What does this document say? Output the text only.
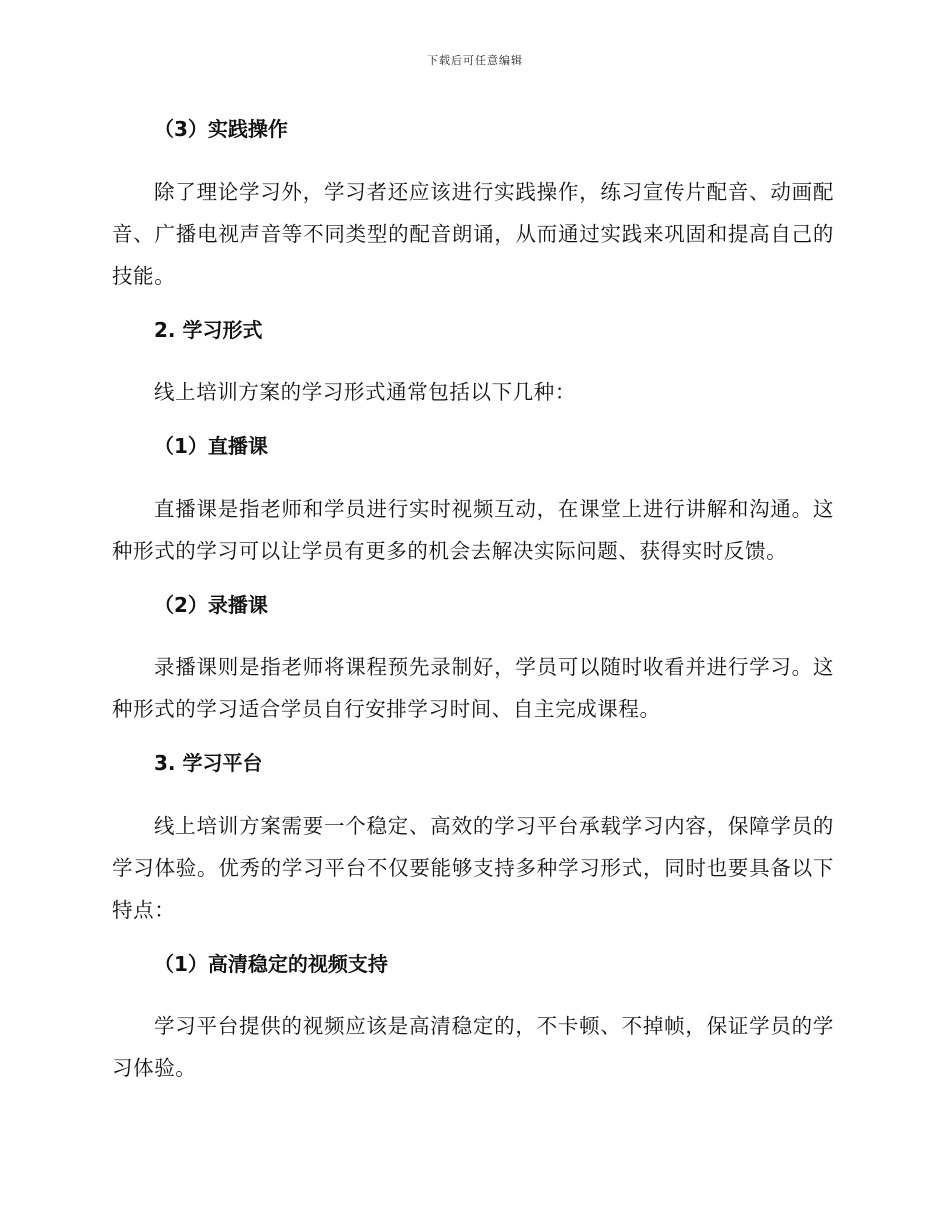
下载后可任意编辑
（3）实践操作

除了理论学习外，学习者还应该进行实践操作，练习宣传片配音、动画配音、广播电视声音等不同类型的配音朗诵，从而通过实践来巩固和提高自己的技能。

2. 学习形式

线上培训方案的学习形式通常包括以下几种：

（1）直播课

直播课是指老师和学员进行实时视频互动，在课堂上进行讲解和沟通。这种形式的学习可以让学员有更多的机会去解决实际问题、获得实时反馈。

（2）录播课

录播课则是指老师将课程预先录制好，学员可以随时收看并进行学习。这种形式的学习适合学员自行安排学习时间、自主完成课程。

3. 学习平台

线上培训方案需要一个稳定、高效的学习平台承载学习内容，保障学员的学习体验。优秀的学习平台不仅要能够支持多种学习形式，同时也要具备以下特点：

（1）高清稳定的视频支持

学习平台提供的视频应该是高清稳定的，不卡顿、不掉帧，保证学员的学习体验。
